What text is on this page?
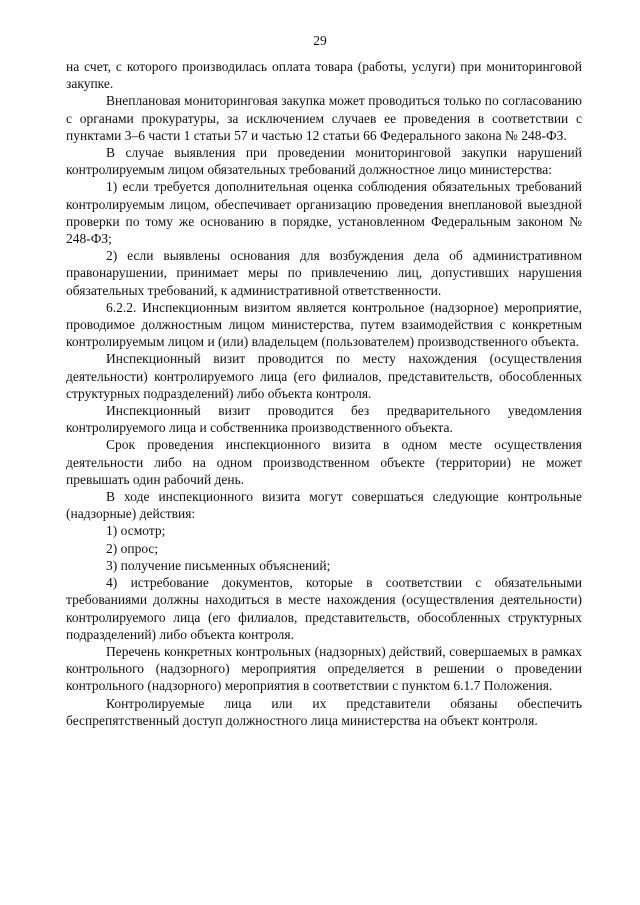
29

на счет, с которого производилась оплата товара (работы, услуги) при мониторинговой закупке.

Внеплановая мониторинговая закупка может проводиться только по согласованию с органами прокуратуры, за исключением случаев ее проведения в соответствии с пунктами 3–6 части 1 статьи 57 и частью 12 статьи 66 Федерального закона № 248-ФЗ.

В случае выявления при проведении мониторинговой закупки нарушений контролируемым лицом обязательных требований должностное лицо министерства:

1) если требуется дополнительная оценка соблюдения обязательных требований контролируемым лицом, обеспечивает организацию проведения внеплановой выездной проверки по тому же основанию в порядке, установленном Федеральным законом № 248-ФЗ;

2) если выявлены основания для возбуждения дела об административном правонарушении, принимает меры по привлечению лиц, допустивших нарушения обязательных требований, к административной ответственности.

6.2.2. Инспекционным визитом является контрольное (надзорное) мероприятие, проводимое должностным лицом министерства, путем взаимодействия с конкретным контролируемым лицом и (или) владельцем (пользователем) производственного объекта.

Инспекционный визит проводится по месту нахождения (осуществления деятельности) контролируемого лица (его филиалов, представительств, обособленных структурных подразделений) либо объекта контроля.

Инспекционный визит проводится без предварительного уведомления контролируемого лица и собственника производственного объекта.

Срок проведения инспекционного визита в одном месте осуществления деятельности либо на одном производственном объекте (территории) не может превышать один рабочий день.

В ходе инспекционного визита могут совершаться следующие контрольные (надзорные) действия:

1) осмотр;

2) опрос;

3) получение письменных объяснений;

4) истребование документов, которые в соответствии с обязательными требованиями должны находиться в месте нахождения (осуществления деятельности) контролируемого лица (его филиалов, представительств, обособленных структурных подразделений) либо объекта контроля.

Перечень конкретных контрольных (надзорных) действий, совершаемых в рамках контрольного (надзорного) мероприятия определяется в решении о проведении контрольного (надзорного) мероприятия в соответствии с пунктом 6.1.7 Положения.

Контролируемые лица или их представители обязаны обеспечить беспрепятственный доступ должностного лица министерства на объект контроля.
